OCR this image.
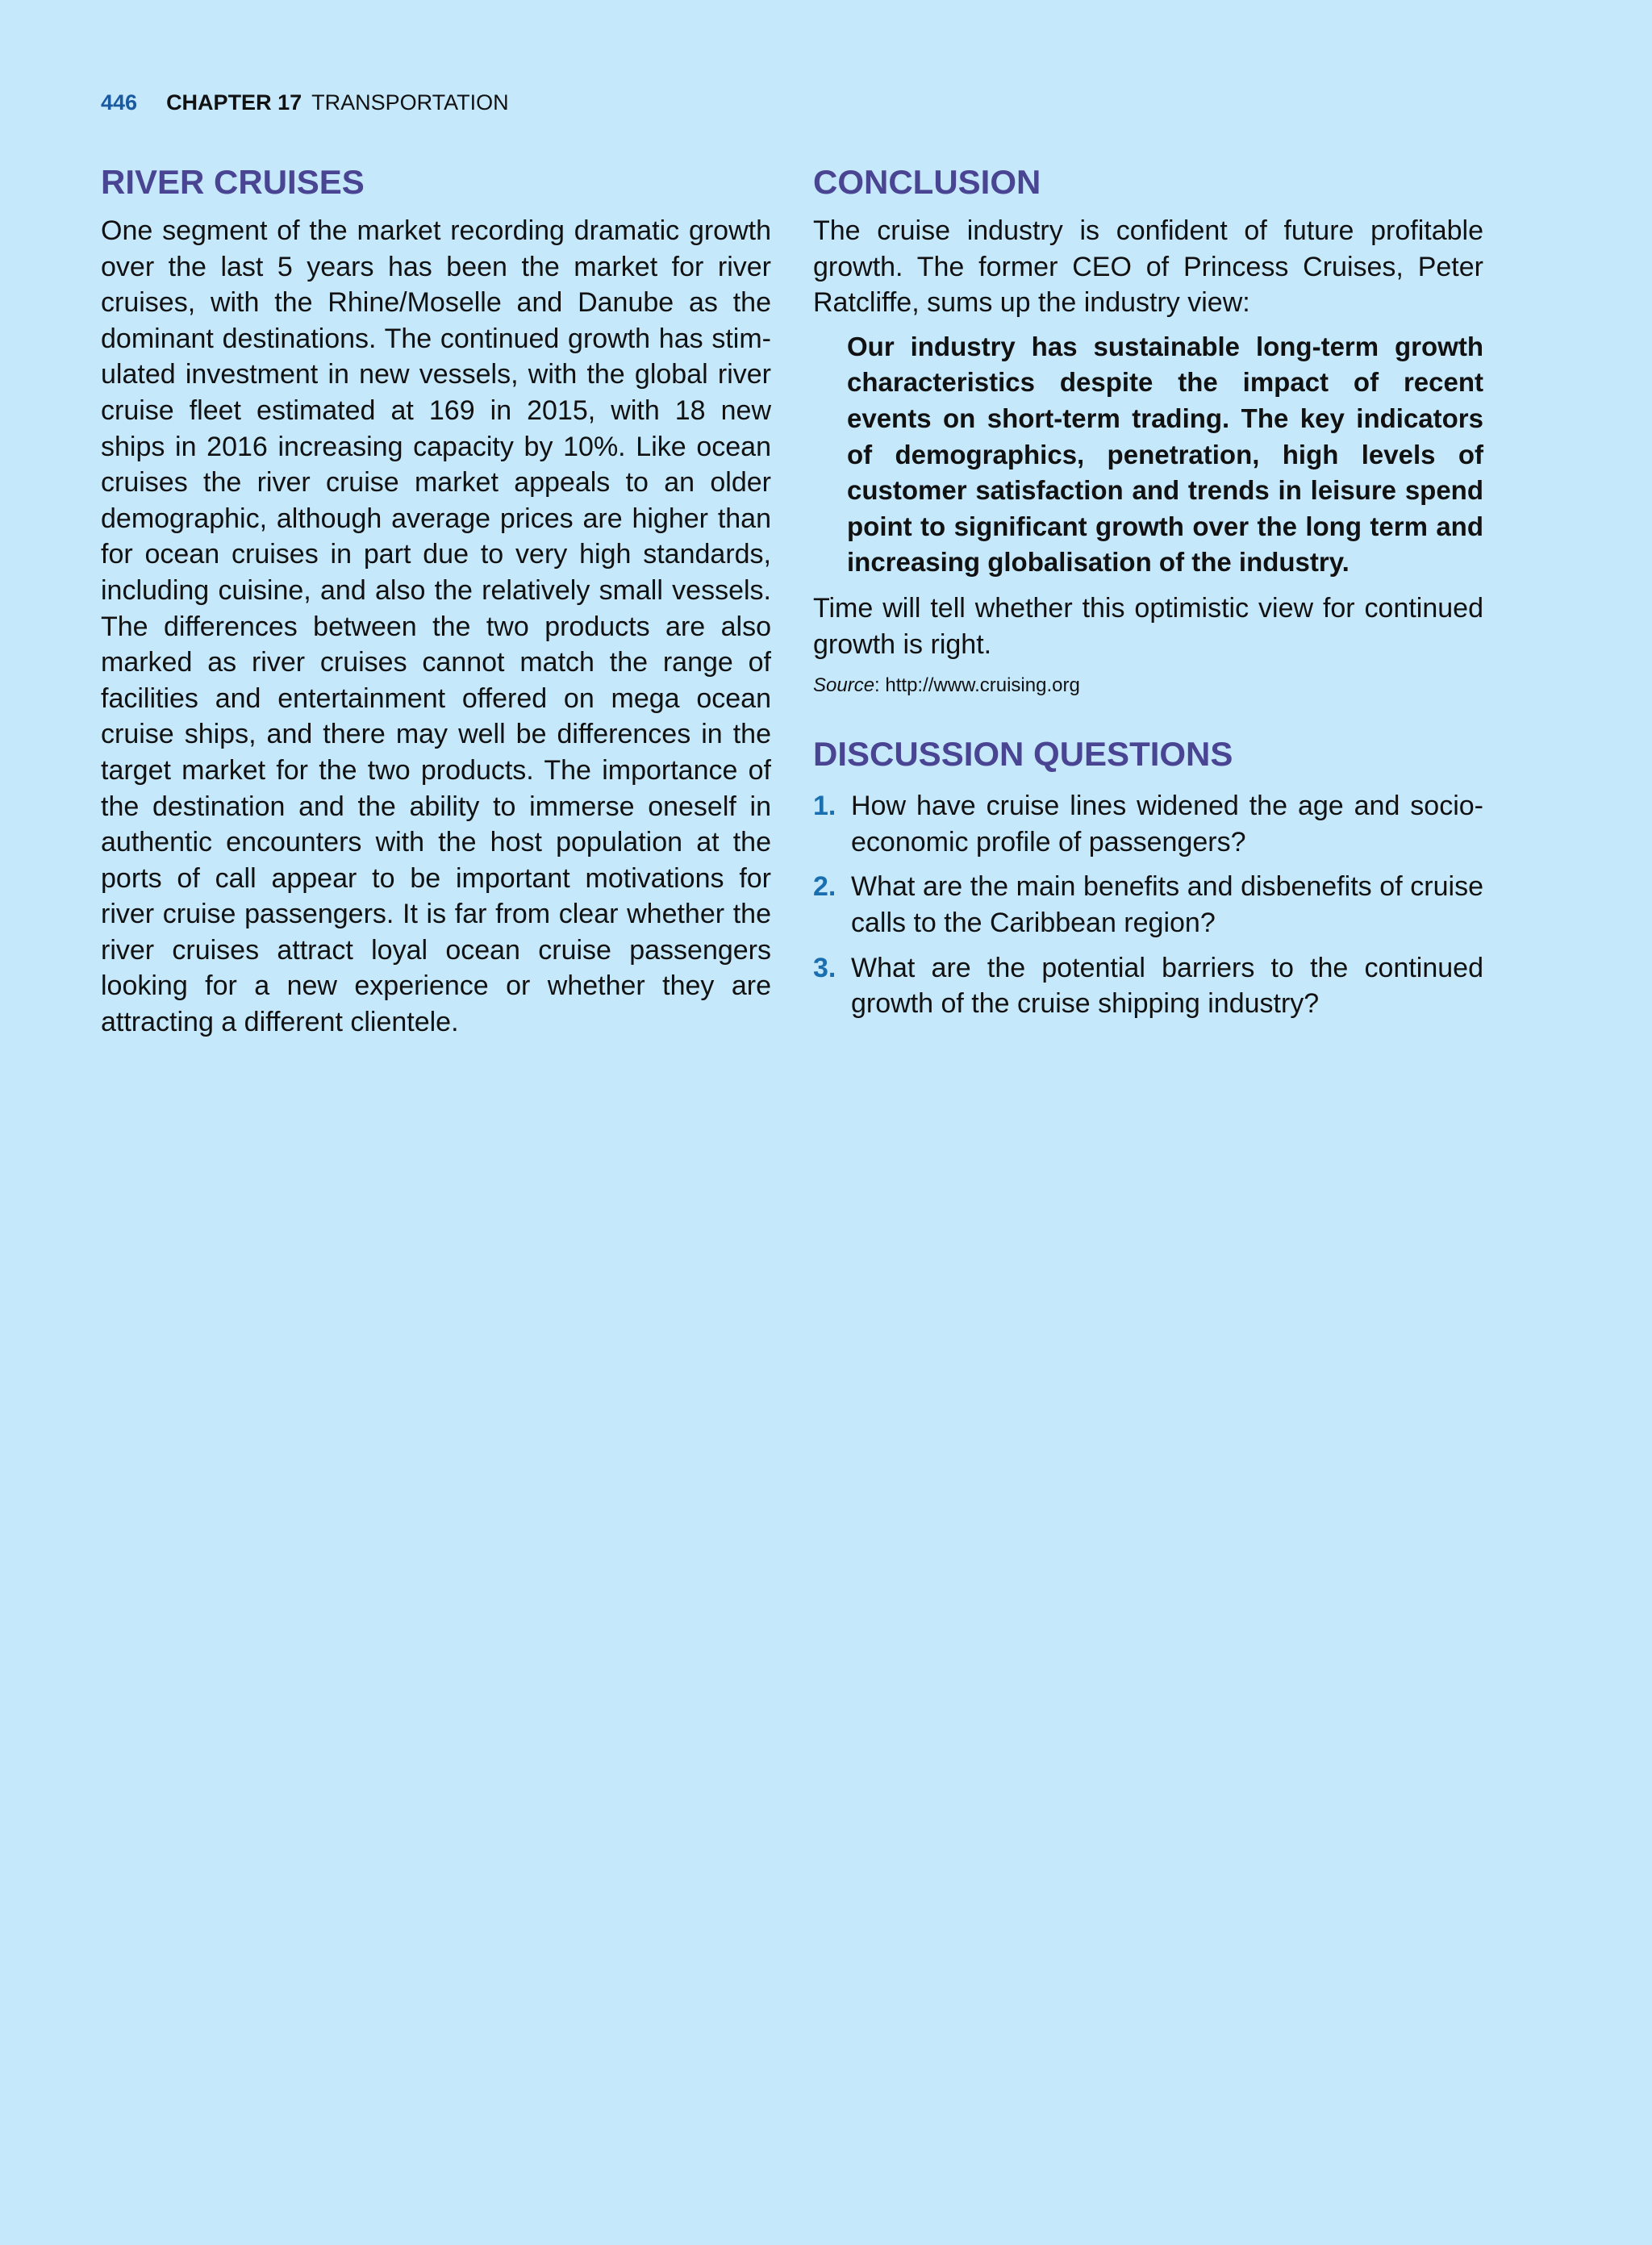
446 CHAPTER 17 TRANSPORTATION
RIVER CRUISES

One segment of the market recording dramatic growth over the last 5 years has been the market for river cruises, with the Rhine/Moselle and Danube as the dominant destinations. The continued growth has stimulated investment in new vessels, with the global river cruise fleet estimated at 169 in 2015, with 18 new ships in 2016 increasing capacity by 10%. Like ocean cruises the river cruise market appeals to an older demographic, although average prices are higher than for ocean cruises in part due to very high standards, including cuisine, and also the relatively small vessels. The differences between the two products are also marked as river cruises cannot match the range of facilities and entertainment offered on mega ocean cruise ships, and there may well be differences in the target market for the two products. The importance of the destination and the ability to immerse oneself in authentic encounters with the host population at the ports of call appear to be important motivations for river cruise passengers. It is far from clear whether the river cruises attract loyal ocean cruise passengers looking for a new experience or whether they are attracting a different clientele.

CONCLUSION

The cruise industry is confident of future profitable growth. The former CEO of Princess Cruises, Peter Ratcliffe, sums up the industry view:

Our industry has sustainable long-term growth characteristics despite the impact of recent events on short-term trading. The key indicators of demographics, penetration, high levels of customer satisfaction and trends in leisure spend point to significant growth over the long term and increasing globalisation of the industry.

Time will tell whether this optimistic view for continued growth is right.

Source: http://www.cruising.org

DISCUSSION QUESTIONS
1. How have cruise lines widened the age and socio-economic profile of passengers?
2. What are the main benefits and disbenefits of cruise calls to the Caribbean region?
3. What are the potential barriers to the continued growth of the cruise shipping industry?
